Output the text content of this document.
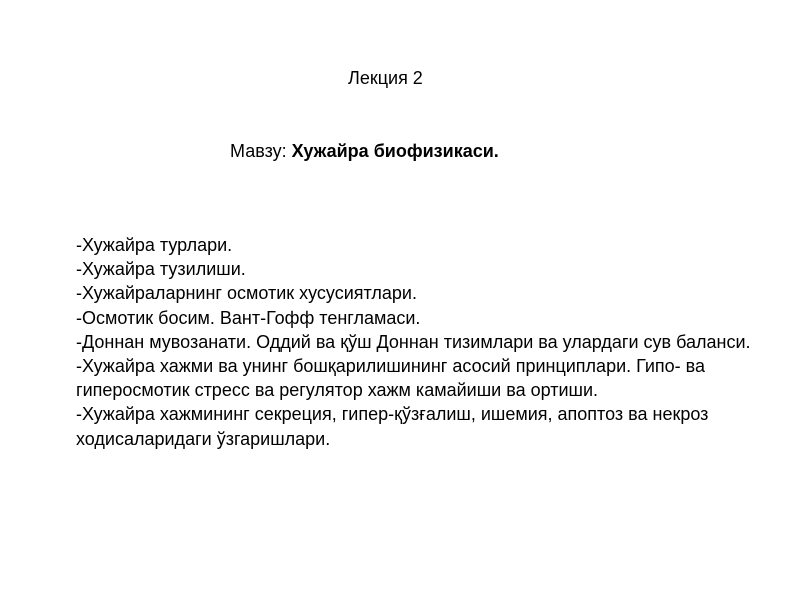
Лекция 2
Мавзу: Хужайра биофизикаси.
-Хужайра турлари.
-Хужайра тузилиши.
-Хужайраларнинг осмотик хусусиятлари.
-Осмотик босим. Вант-Гофф тенгламаси.
-Доннан мувозанати. Оддий ва қўш Доннан тизимлари ва улардаги сув баланси.
-Хужайра хажми ва унинг бошқарилишининг асосий принциплари. Гипо- ва гиперосмотик стресс ва регулятор хажм камайиши ва ортиши.
-Хужайра хажмининг секреция, гипер-қўзғалиш, ишемия, апоптоз ва некроз ходисаларидаги ўзгаришлари.
